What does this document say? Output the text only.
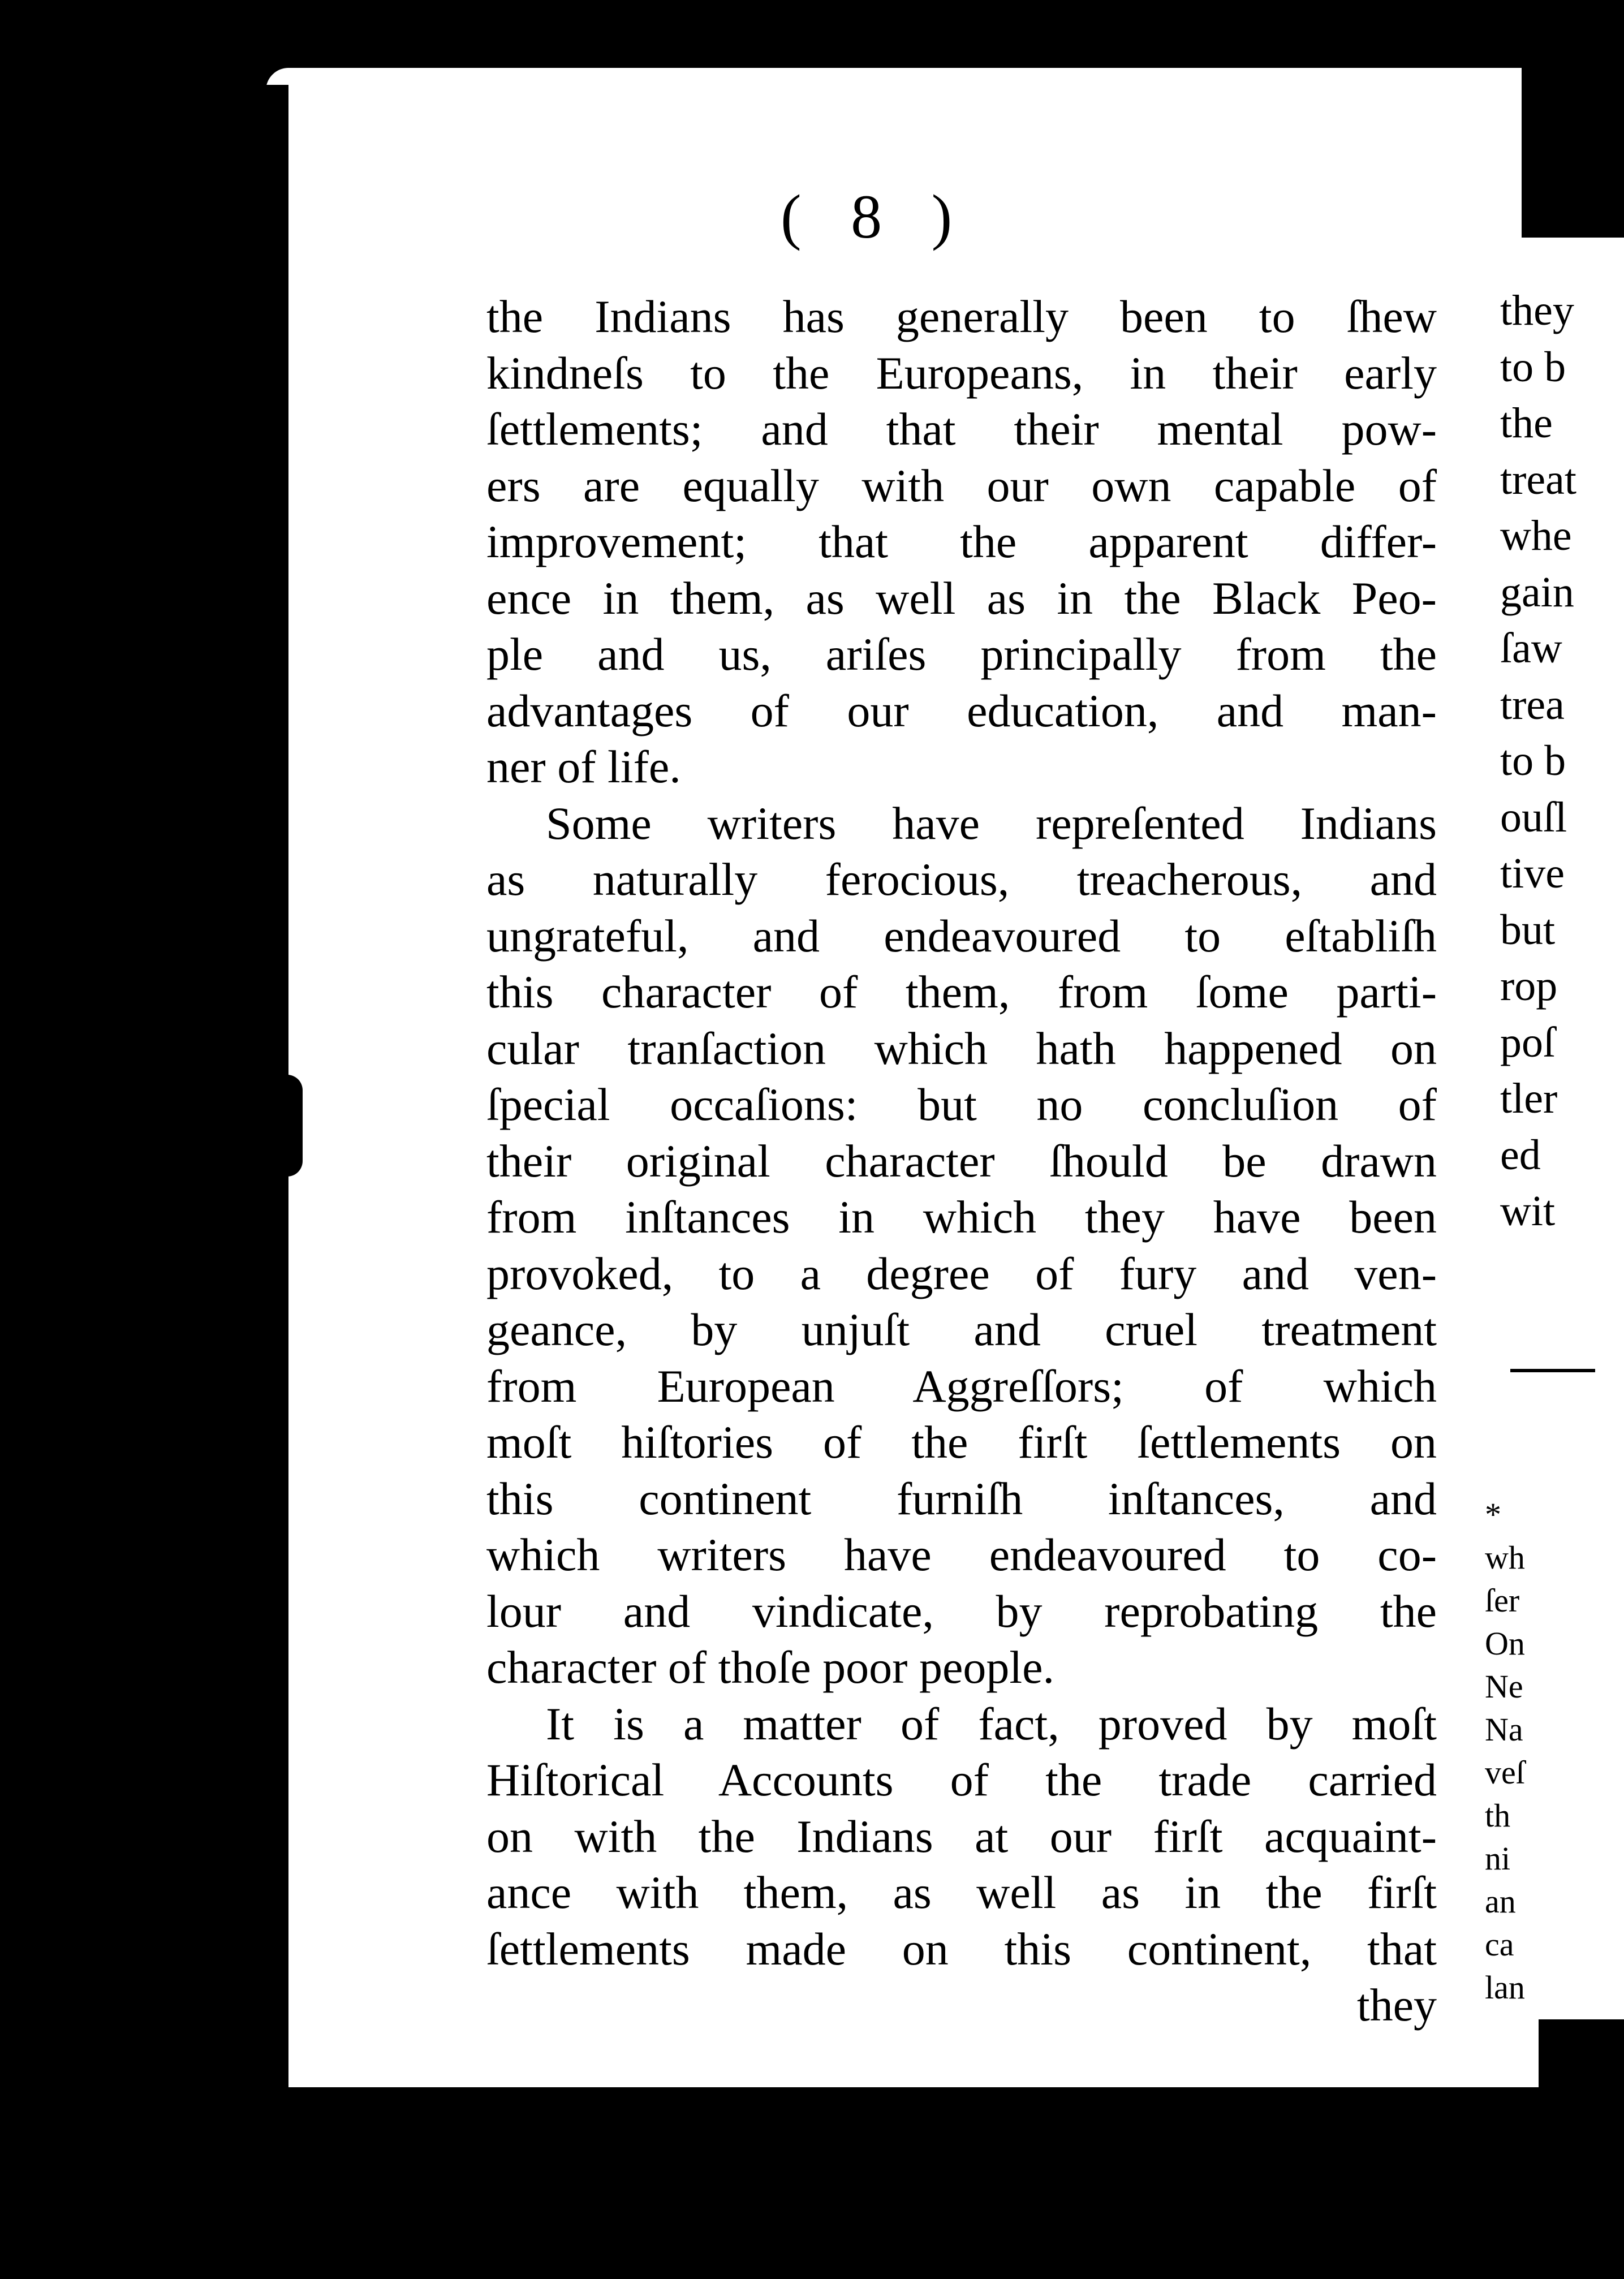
( 8 )
the Indians has generally been to ſhew
kindneſs to the Europeans, in their early
ſettlements; and that their mental pow-
ers are equally with our own capable of
improvement; that the apparent differ-
ence in them, as well as in the Black Peo-
ple and us, ariſes principally from the
advantages of our education, and man-
ner of life.
Some writers have repreſented Indians
as naturally ferocious, treacherous, and
ungrateful, and endeavoured to eſtabliſh
this character of them, from ſome parti-
cular tranſaction which hath happened on
ſpecial occaſions: but no concluſion of
their original character ſhould be drawn
from inſtances in which they have been
provoked, to a degree of fury and ven-
geance, by unjuſt and cruel treatment
from European Aggreſſors; of which
moſt hiſtories of the firſt ſettlements on
this continent furniſh inſtances, and
which writers have endeavoured to co-
lour and vindicate, by reprobating the
character of thoſe poor people.
It is a matter of fact, proved by moſt
Hiſtorical Accounts of the trade carried
on with the Indians at our firſt acquaint-
ance with them, as well as in the firſt
ſettlements made on this continent, that
they
they
to b
the
treat
whe
gain
ſaw
trea
to b
ouſl
tive
but
rop
poſ
tler
ed
wit
*
wh
ſer
On
Ne
Na
veſ
th
ni
an
ca
lan
